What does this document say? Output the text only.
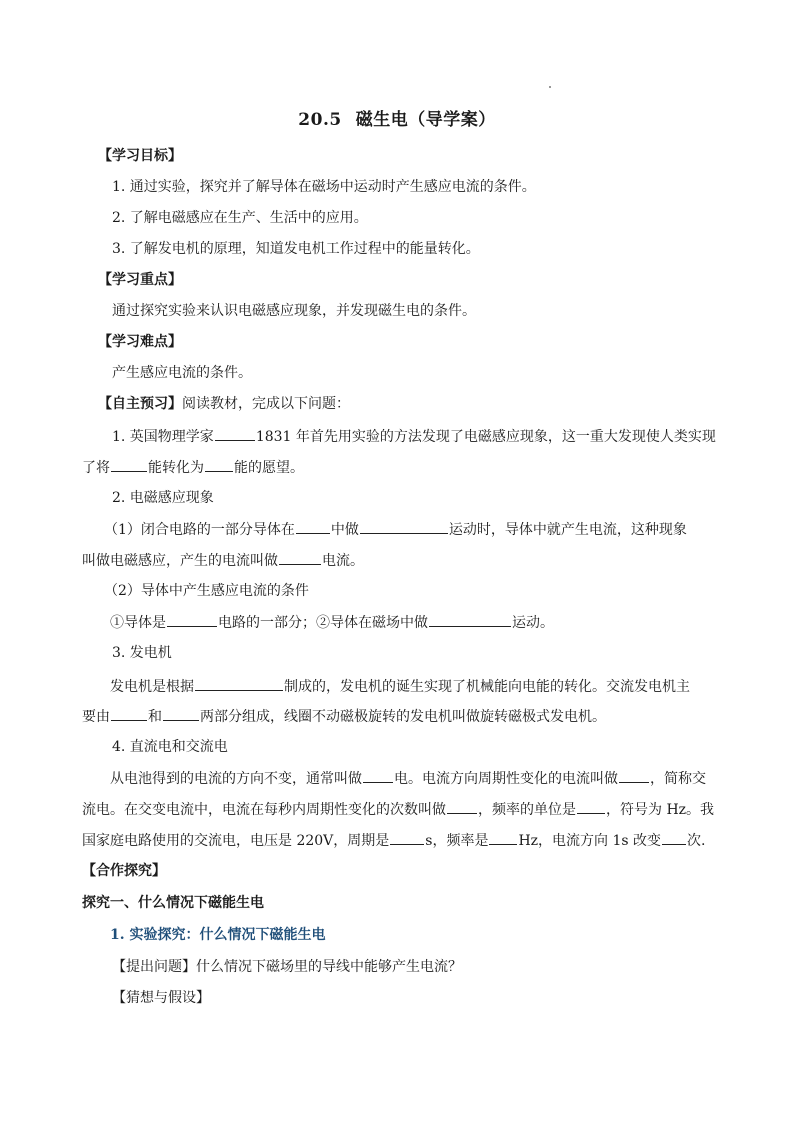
20.5 磁生电（导学案）
【学习目标】
1. 通过实验，探究并了解导体在磁场中运动时产生感应电流的条件。
2. 了解电磁感应在生产、生活中的应用。
3. 了解发电机的原理，知道发电机工作过程中的能量转化。
【学习重点】
通过探究实验来认识电磁感应现象，并发现磁生电的条件。
【学习难点】
产生感应电流的条件。
【自主预习】阅读教材，完成以下问题：
1. 英国物理学家	1831 年首先用实验的方法发现了电磁感应现象，这一重大发现使人类实现
了将	能转化为 能的愿望。
2. 电磁感应现象
（1）闭合电路的一部分导体在	中做	运动时，导体中就产生电流，这种现象
叫做电磁感应，产生的电流叫做	电流。
（2）导体中产生感应电流的条件
①导体是	电路的一部分；②导体在磁场中做	运动。
3. 发电机
发电机是根据	制成的，发电机的诞生实现了机械能向电能的转化。交流发电机主
要由	和	两部分组成，线圈不动磁极旋转的发电机叫做旋转磁极式发电机。
4. 直流电和交流电
从电池得到的电流的方向不变，通常叫做 电。电流方向周期性变化的电流叫做 ，简称交
流电。在交变电流中，电流在每秒内周期性变化的次数叫做 ，频率的单位是 ，符号为 Hz。我
国家庭电路使用的交流电，电压是 220V，周期是	s，频率是 Hz，电流方向 1s 改变 次.
【合作探究】
探究一、什么情况下磁能生电
1. 实验探究：什么情况下磁能生电
【提出问题】什么情况下磁场里的导线中能够产生电流？
【猜想与假设】
